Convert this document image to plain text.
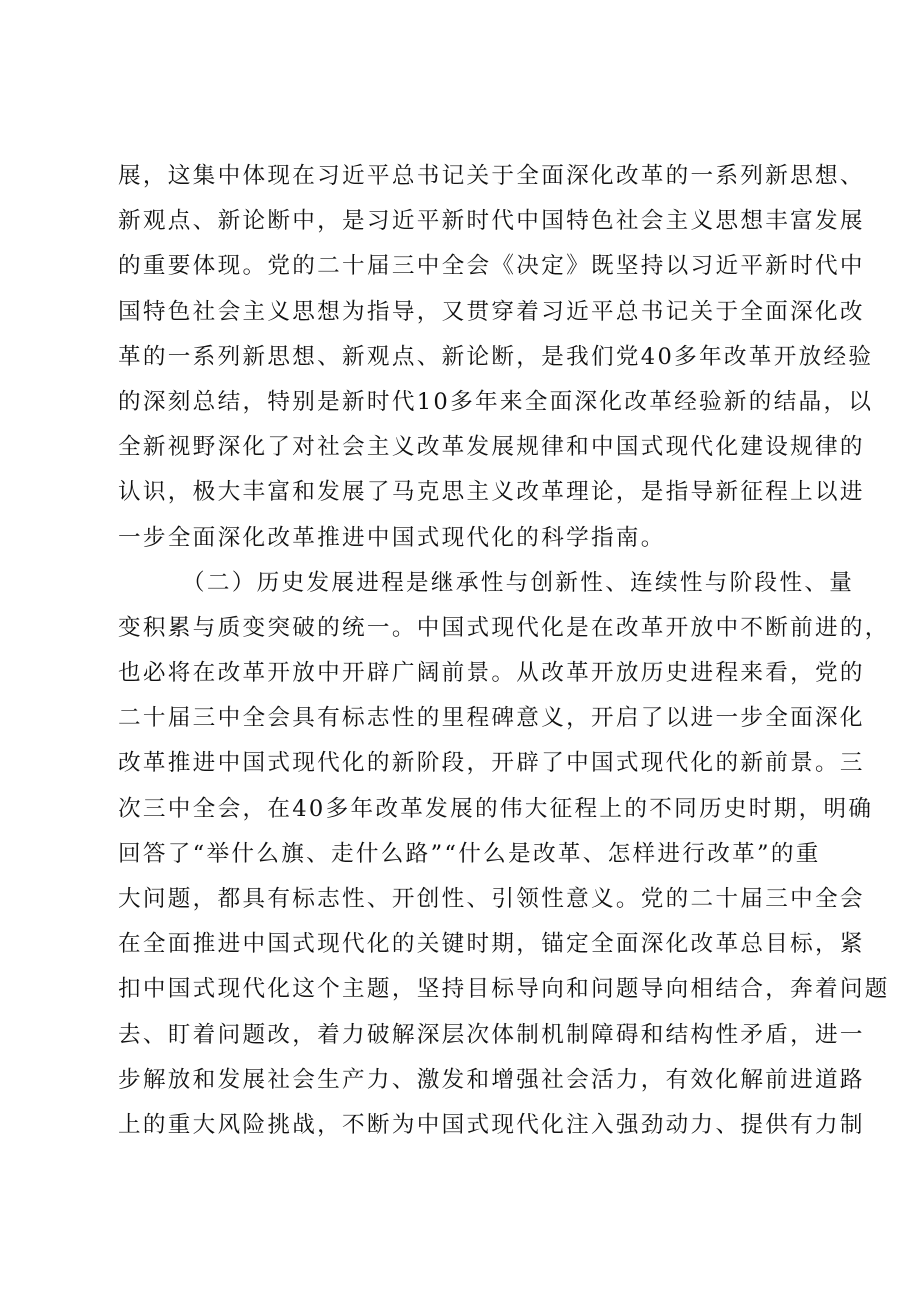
展，这集中体现在习近平总书记关于全面深化改革的一系列新思想、
新观点、新论断中，是习近平新时代中国特色社会主义思想丰富发展
的重要体现。党的二十届三中全会《决定》既坚持以习近平新时代中
国特色社会主义思想为指导，又贯穿着习近平总书记关于全面深化改
革的一系列新思想、新观点、新论断，是我们党40多年改革开放经验
的深刻总结，特别是新时代10多年来全面深化改革经验新的结晶，以
全新视野深化了对社会主义改革发展规律和中国式现代化建设规律的
认识，极大丰富和发展了马克思主义改革理论，是指导新征程上以进
一步全面深化改革推进中国式现代化的科学指南。
（二）历史发展进程是继承性与创新性、连续性与阶段性、量
变积累与质变突破的统一。中国式现代化是在改革开放中不断前进的，
也必将在改革开放中开辟广阔前景。从改革开放历史进程来看，党的
二十届三中全会具有标志性的里程碑意义，开启了以进一步全面深化
改革推进中国式现代化的新阶段，开辟了中国式现代化的新前景。三
次三中全会，在40多年改革发展的伟大征程上的不同历史时期，明确
回答了“举什么旗、走什么路”“什么是改革、怎样进行改革”的重
大问题，都具有标志性、开创性、引领性意义。党的二十届三中全会
在全面推进中国式现代化的关键时期，锚定全面深化改革总目标，紧
扣中国式现代化这个主题，坚持目标导向和问题导向相结合，奔着问题
去、盯着问题改，着力破解深层次体制机制障碍和结构性矛盾，进一
步解放和发展社会生产力、激发和增强社会活力，有效化解前进道路
上的重大风险挑战，不断为中国式现代化注入强劲动力、提供有力制
